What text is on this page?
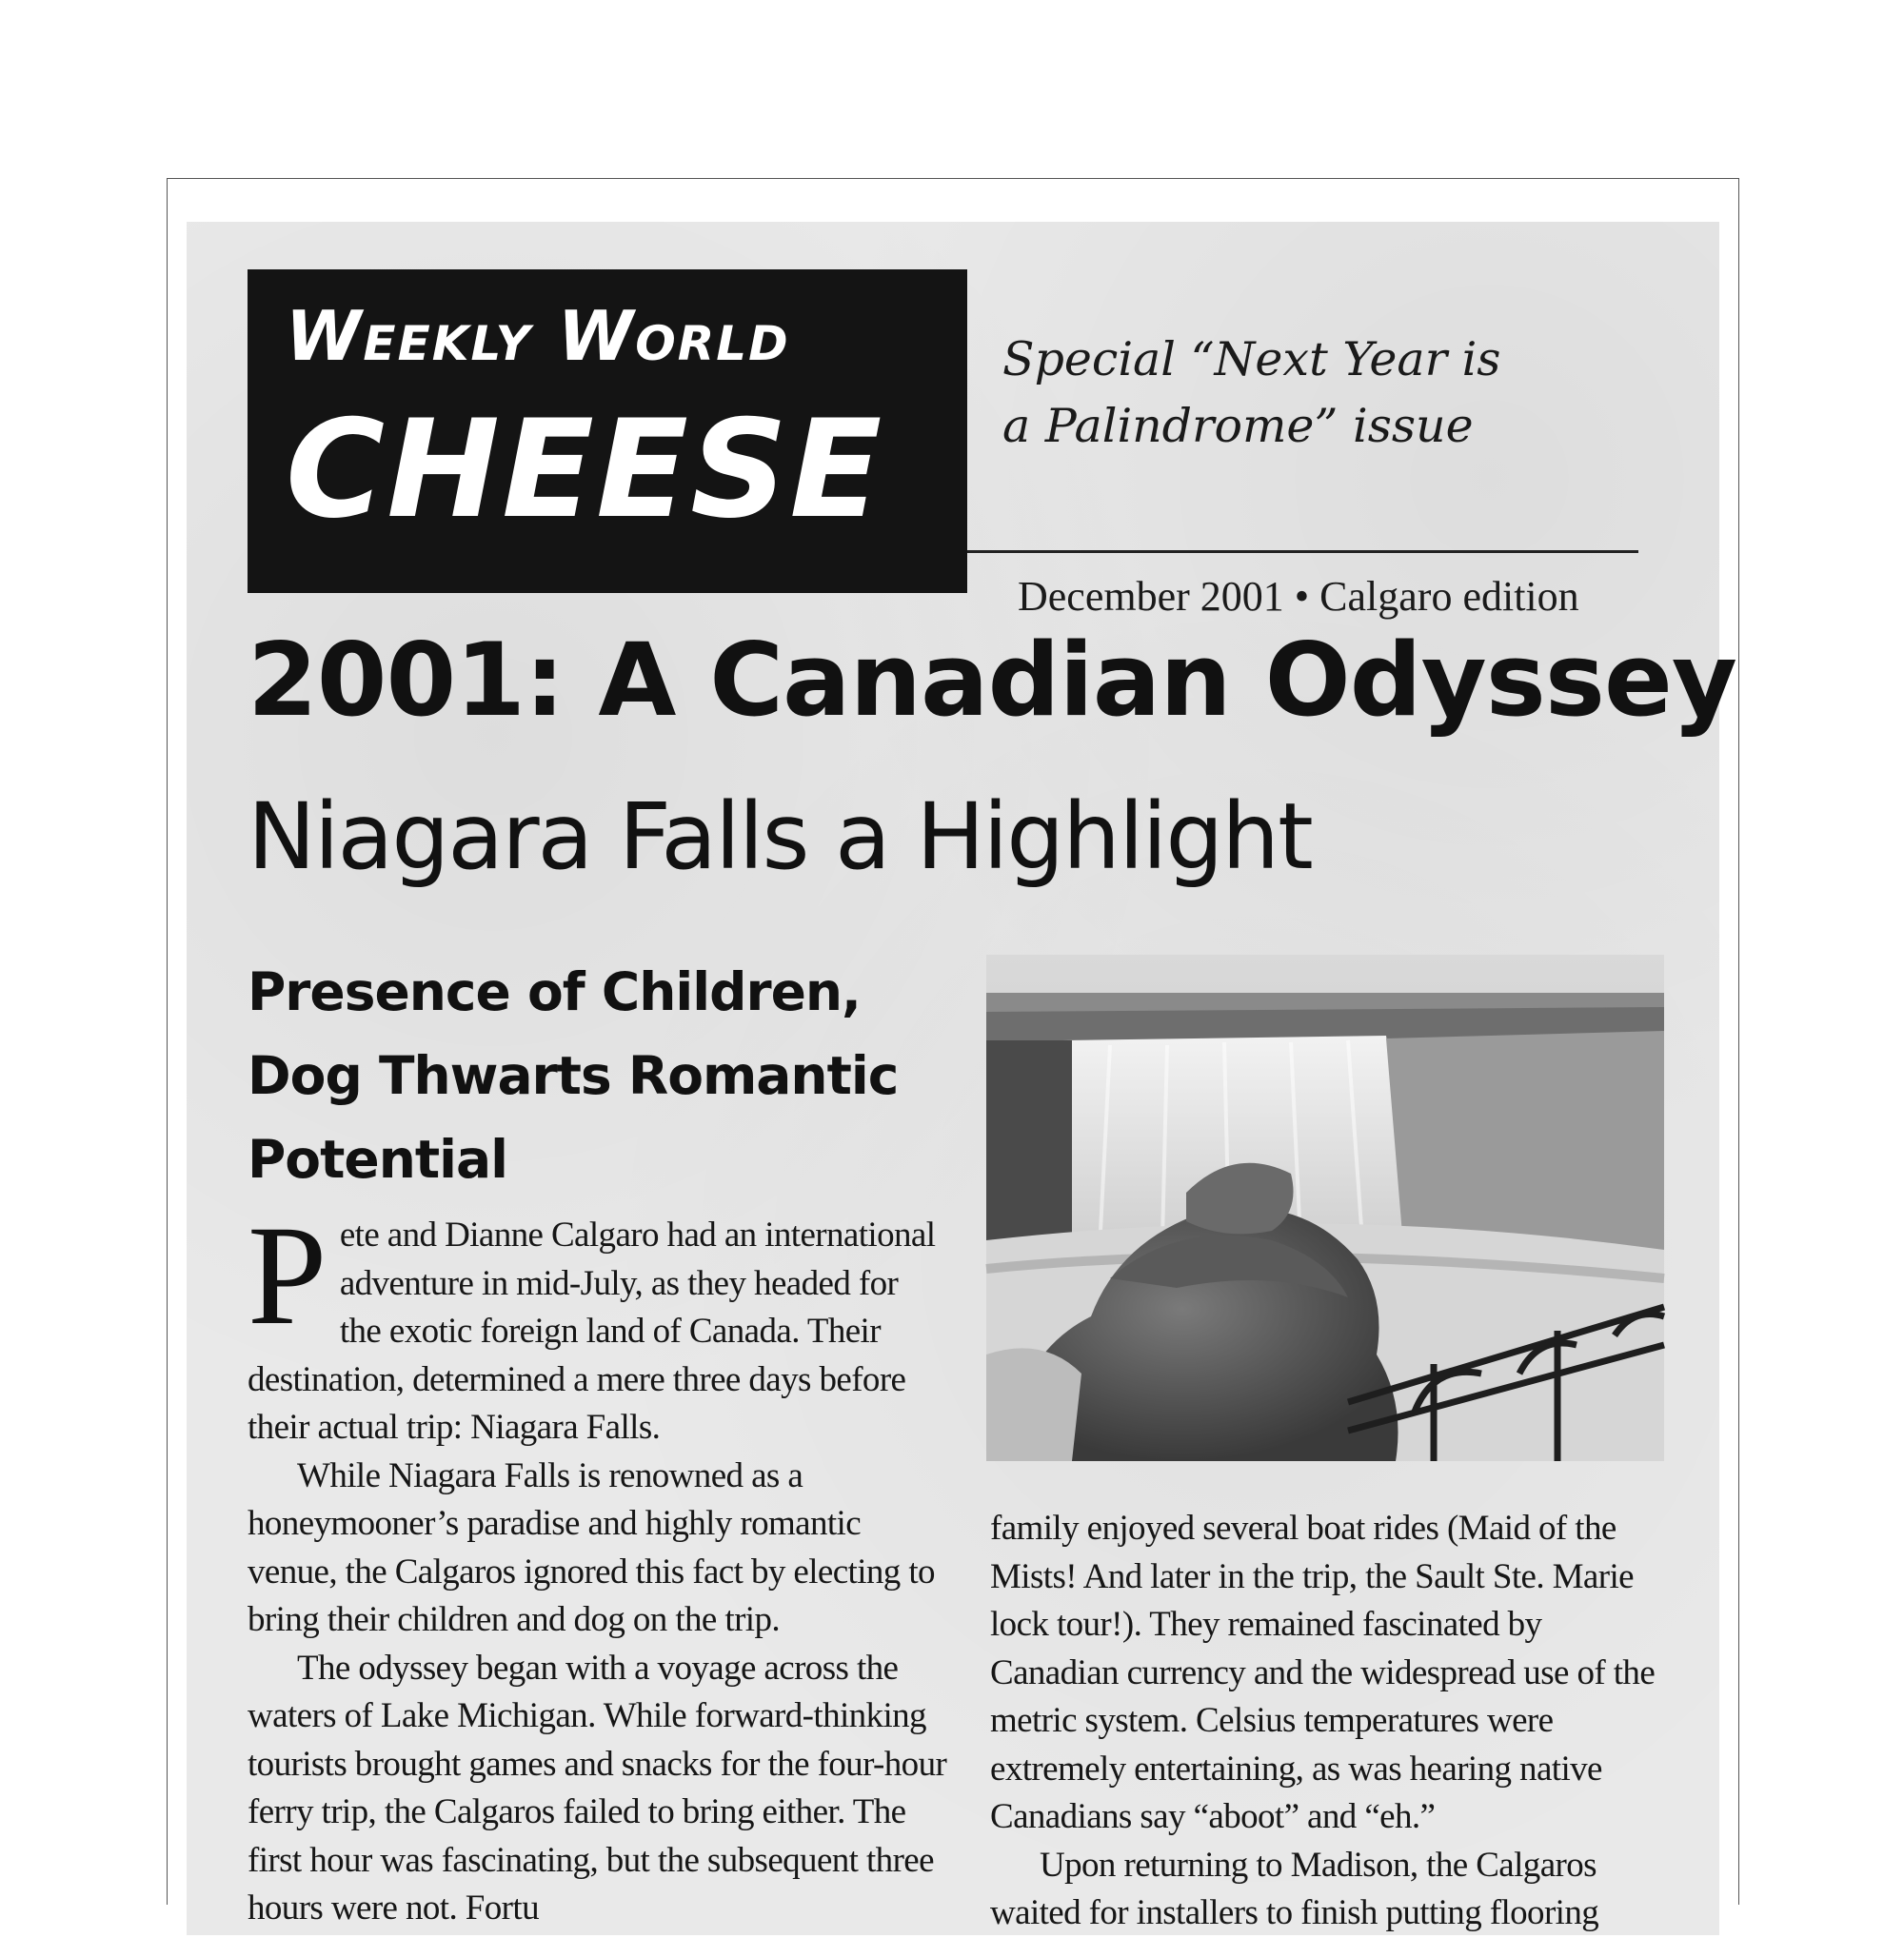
Weekly World
CHEESE
Special “Next Year is a Palindrome” issue
December 2001 • Calgaro edition
2001: A Canadian Odyssey
Niagara Falls a Highlight
Presence of Children, Dog Thwarts Romantic Potential
P ete and Dianne Calgaro had an international adventure in mid-July, as they headed for the exotic foreign land of Canada. Their destination, determined a mere three days before their actual trip: Niagara Falls.

While Niagara Falls is renowned as a honeymooner’s paradise and highly romantic venue, the Calgaros ignored this fact by electing to bring their children and dog on the trip.

The odyssey began with a voyage across the waters of Lake Michigan. While forward-thinking tourists brought games and snacks for the four-hour ferry trip, the Calgaros failed to bring either. The first hour was fascinating, but the subsequent three hours were not. Fortu

family enjoyed several boat rides (Maid of the Mists! And later in the trip, the Sault Ste. Marie lock tour!). They remained fascinated by Canadian currency and the widespread use of the metric system. Celsius temperatures were extremely entertaining, as was hearing native Canadians say “aboot” and “eh.”

Upon returning to Madison, the Calgaros waited for installers to finish putting flooring
